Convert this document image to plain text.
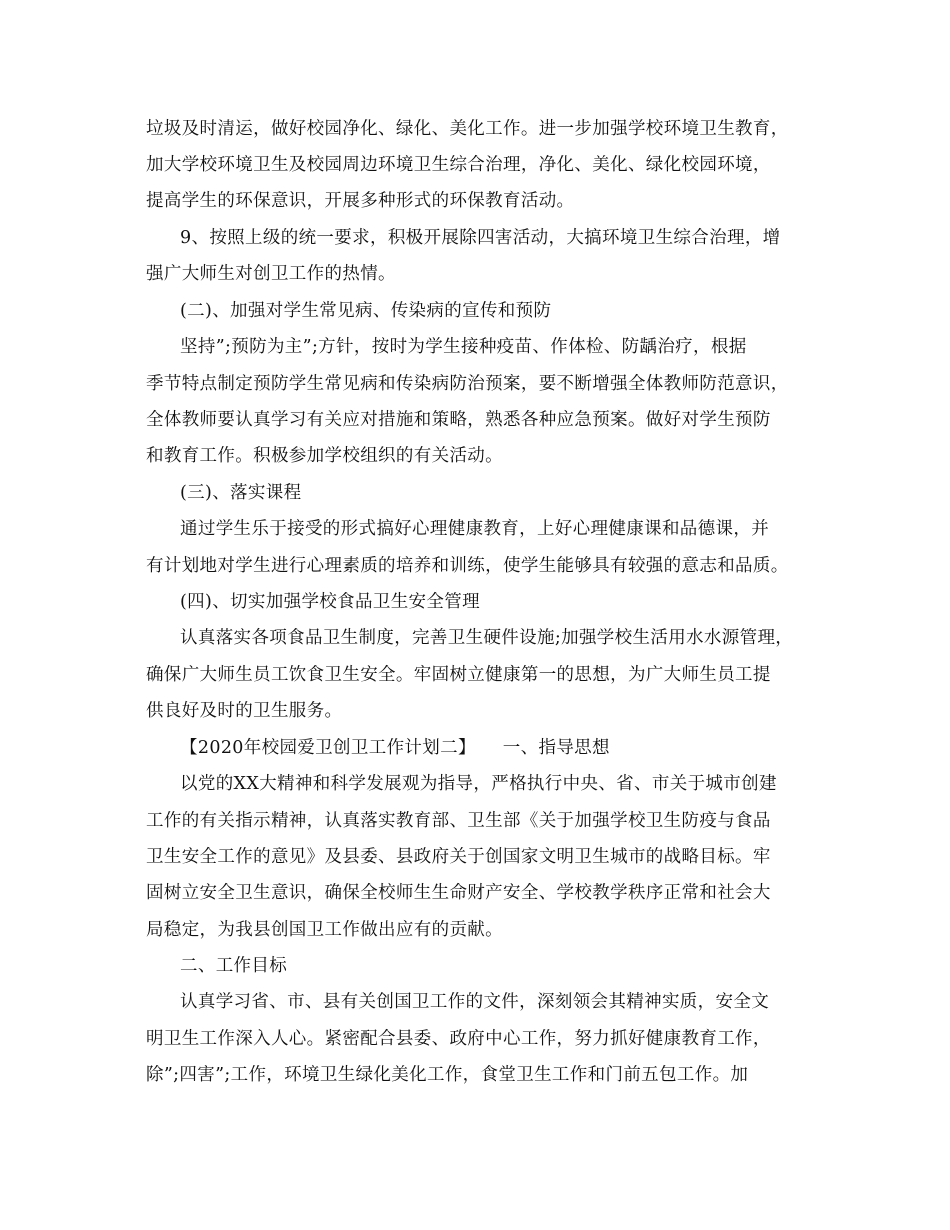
垃圾及时清运，做好校园净化、绿化、美化工作。进一步加强学校环境卫生教育，
加大学校环境卫生及校园周边环境卫生综合治理，净化、美化、绿化校园环境，
提高学生的环保意识，开展多种形式的环保教育活动。
9、按照上级的统一要求，积极开展除四害活动，大搞环境卫生综合治理，增
强广大师生对创卫工作的热情。
(二)、加强对学生常见病、传染病的宣传和预防
坚持”;预防为主”;方针，按时为学生接种疫苗、作体检、防龋治疗，根据
季节特点制定预防学生常见病和传染病防治预案，要不断增强全体教师防范意识，
全体教师要认真学习有关应对措施和策略，熟悉各种应急预案。做好对学生预防
和教育工作。积极参加学校组织的有关活动。
(三)、落实课程
通过学生乐于接受的形式搞好心理健康教育，上好心理健康课和品德课，并
有计划地对学生进行心理素质的培养和训练，使学生能够具有较强的意志和品质。
(四)、切实加强学校食品卫生安全管理
认真落实各项食品卫生制度，完善卫生硬件设施;加强学校生活用水水源管理，
确保广大师生员工饮食卫生安全。牢固树立健康第一的思想，为广大师生员工提
供良好及时的卫生服务。
【2020年校园爱卫创卫工作计划二】　　一、指导思想
以党的XX大精神和科学发展观为指导，严格执行中央、省、市关于城市创建
工作的有关指示精神，认真落实教育部、卫生部《关于加强学校卫生防疫与食品
卫生安全工作的意见》及县委、县政府关于创国家文明卫生城市的战略目标。牢
固树立安全卫生意识，确保全校师生生命财产安全、学校教学秩序正常和社会大
局稳定，为我县创国卫工作做出应有的贡献。
二、工作目标
认真学习省、市、县有关创国卫工作的文件，深刻领会其精神实质，安全文
明卫生工作深入人心。紧密配合县委、政府中心工作，努力抓好健康教育工作，
除”;四害”;工作，环境卫生绿化美化工作，食堂卫生工作和门前五包工作。加
